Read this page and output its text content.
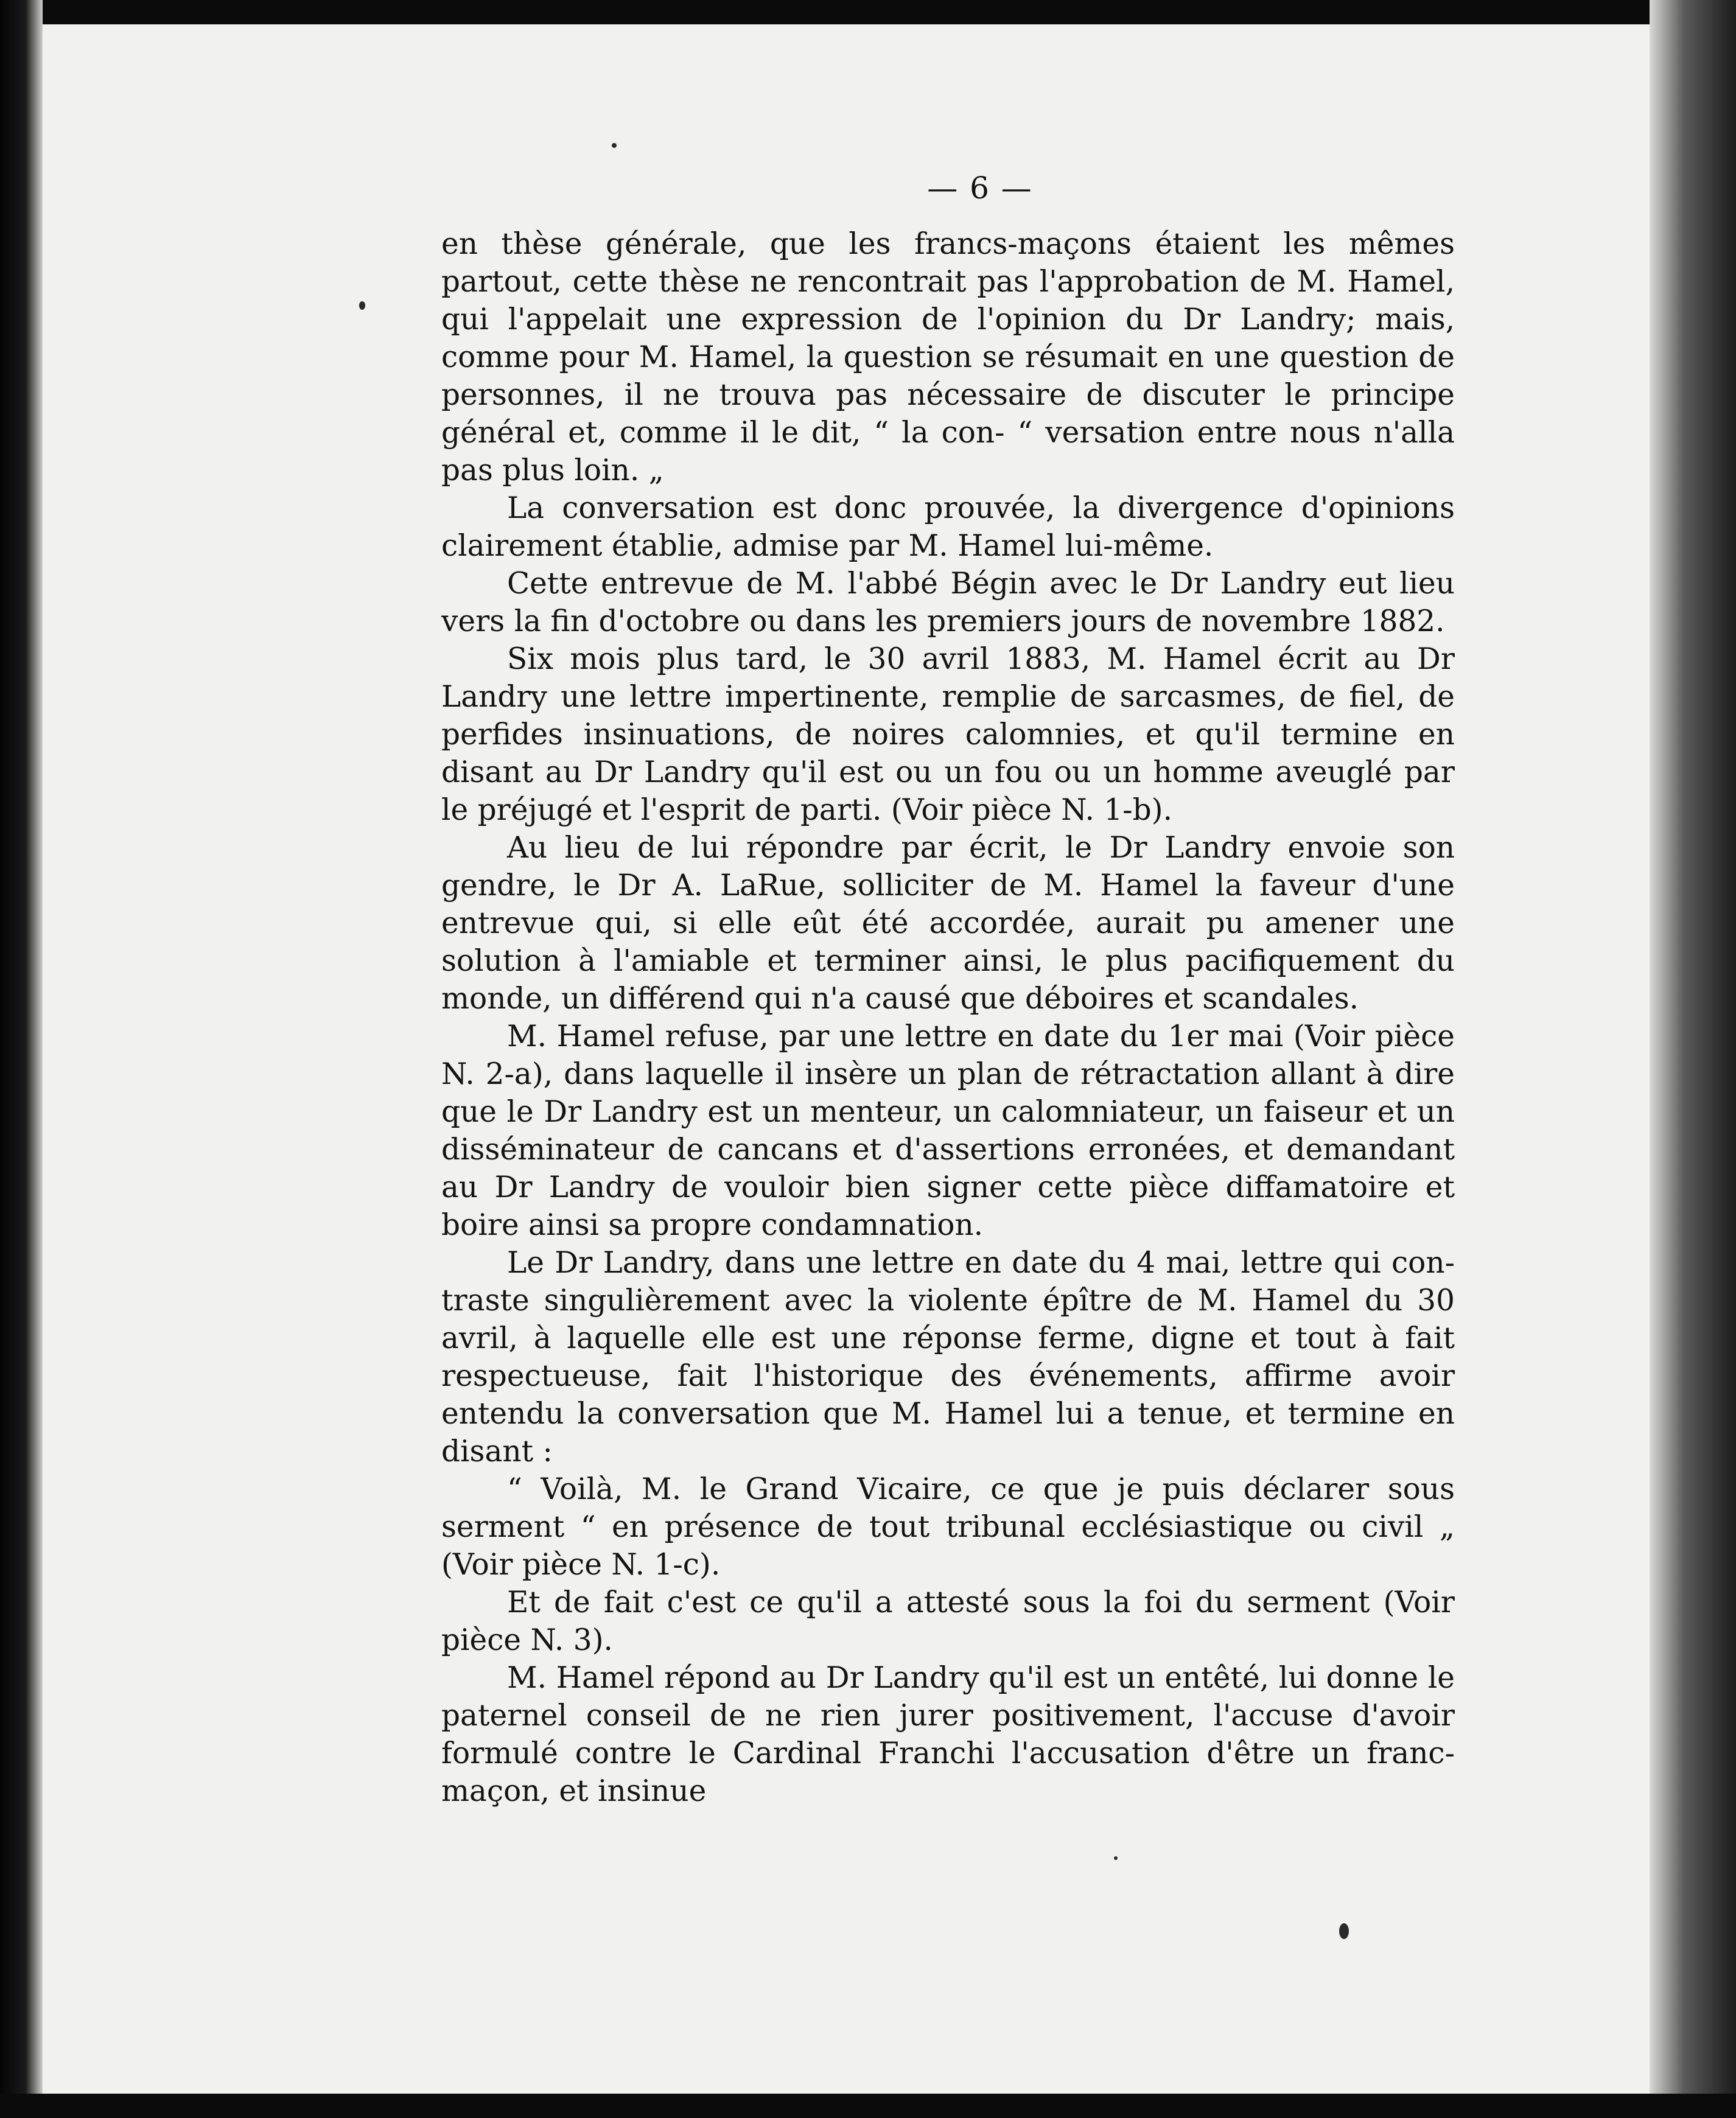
— 6 —

en thèse générale, que les francs-maçons étaient les mêmes partout, cette thèse ne rencontrait pas l'approbation de M. Hamel, qui l'appelait une expression de l'opinion du Dr Landry; mais, comme pour M. Hamel, la question se résumait en une question de personnes, il ne trouva pas nécessaire de discuter le principe général et, comme il le dit, “ la con- “ versation entre nous n'alla pas plus loin. „

La conversation est donc prouvée, la divergence d'opinions clairement établie, admise par M. Hamel lui-même.

Cette entrevue de M. l'abbé Bégin avec le Dr Landry eut lieu vers la fin d'octobre ou dans les premiers jours de novembre 1882.

Six mois plus tard, le 30 avril 1883, M. Hamel écrit au Dr Landry une lettre impertinente, remplie de sarcasmes, de fiel, de perfides insinuations, de noires calomnies, et qu'il termine en disant au Dr Landry qu'il est ou un fou ou un homme aveuglé par le préjugé et l'esprit de parti. (Voir pièce N. 1-b).

Au lieu de lui répondre par écrit, le Dr Landry envoie son gendre, le Dr A. LaRue, solliciter de M. Hamel la faveur d'une entrevue qui, si elle eût été accordée, aurait pu amener une solution à l'amiable et terminer ainsi, le plus pacifiquement du monde, un différend qui n'a causé que déboires et scandales.

M. Hamel refuse, par une lettre en date du 1er mai (Voir pièce N. 2-a), dans laquelle il insère un plan de rétractation allant à dire que le Dr Landry est un menteur, un calomniateur, un faiseur et un disséminateur de cancans et d'assertions erronées, et demandant au Dr Landry de vouloir bien signer cette pièce diffamatoire et boire ainsi sa propre condamnation.

Le Dr Landry, dans une lettre en date du 4 mai, lettre qui contraste singulièrement avec la violente épître de M. Hamel du 30 avril, à laquelle elle est une réponse ferme, digne et tout à fait respectueuse, fait l'historique des événements, affirme avoir entendu la conversation que M. Hamel lui a tenue, et termine en disant :

“ Voilà, M. le Grand Vicaire, ce que je puis déclarer sous serment “ en présence de tout tribunal ecclésiastique ou civil „ (Voir pièce N. 1-c).

Et de fait c'est ce qu'il a attesté sous la foi du serment (Voir pièce N. 3).

M. Hamel répond au Dr Landry qu'il est un entêté, lui donne le paternel conseil de ne rien jurer positivement, l'accuse d'avoir formulé contre le Cardinal Franchi l'accusation d'être un franc-maçon, et insinue
